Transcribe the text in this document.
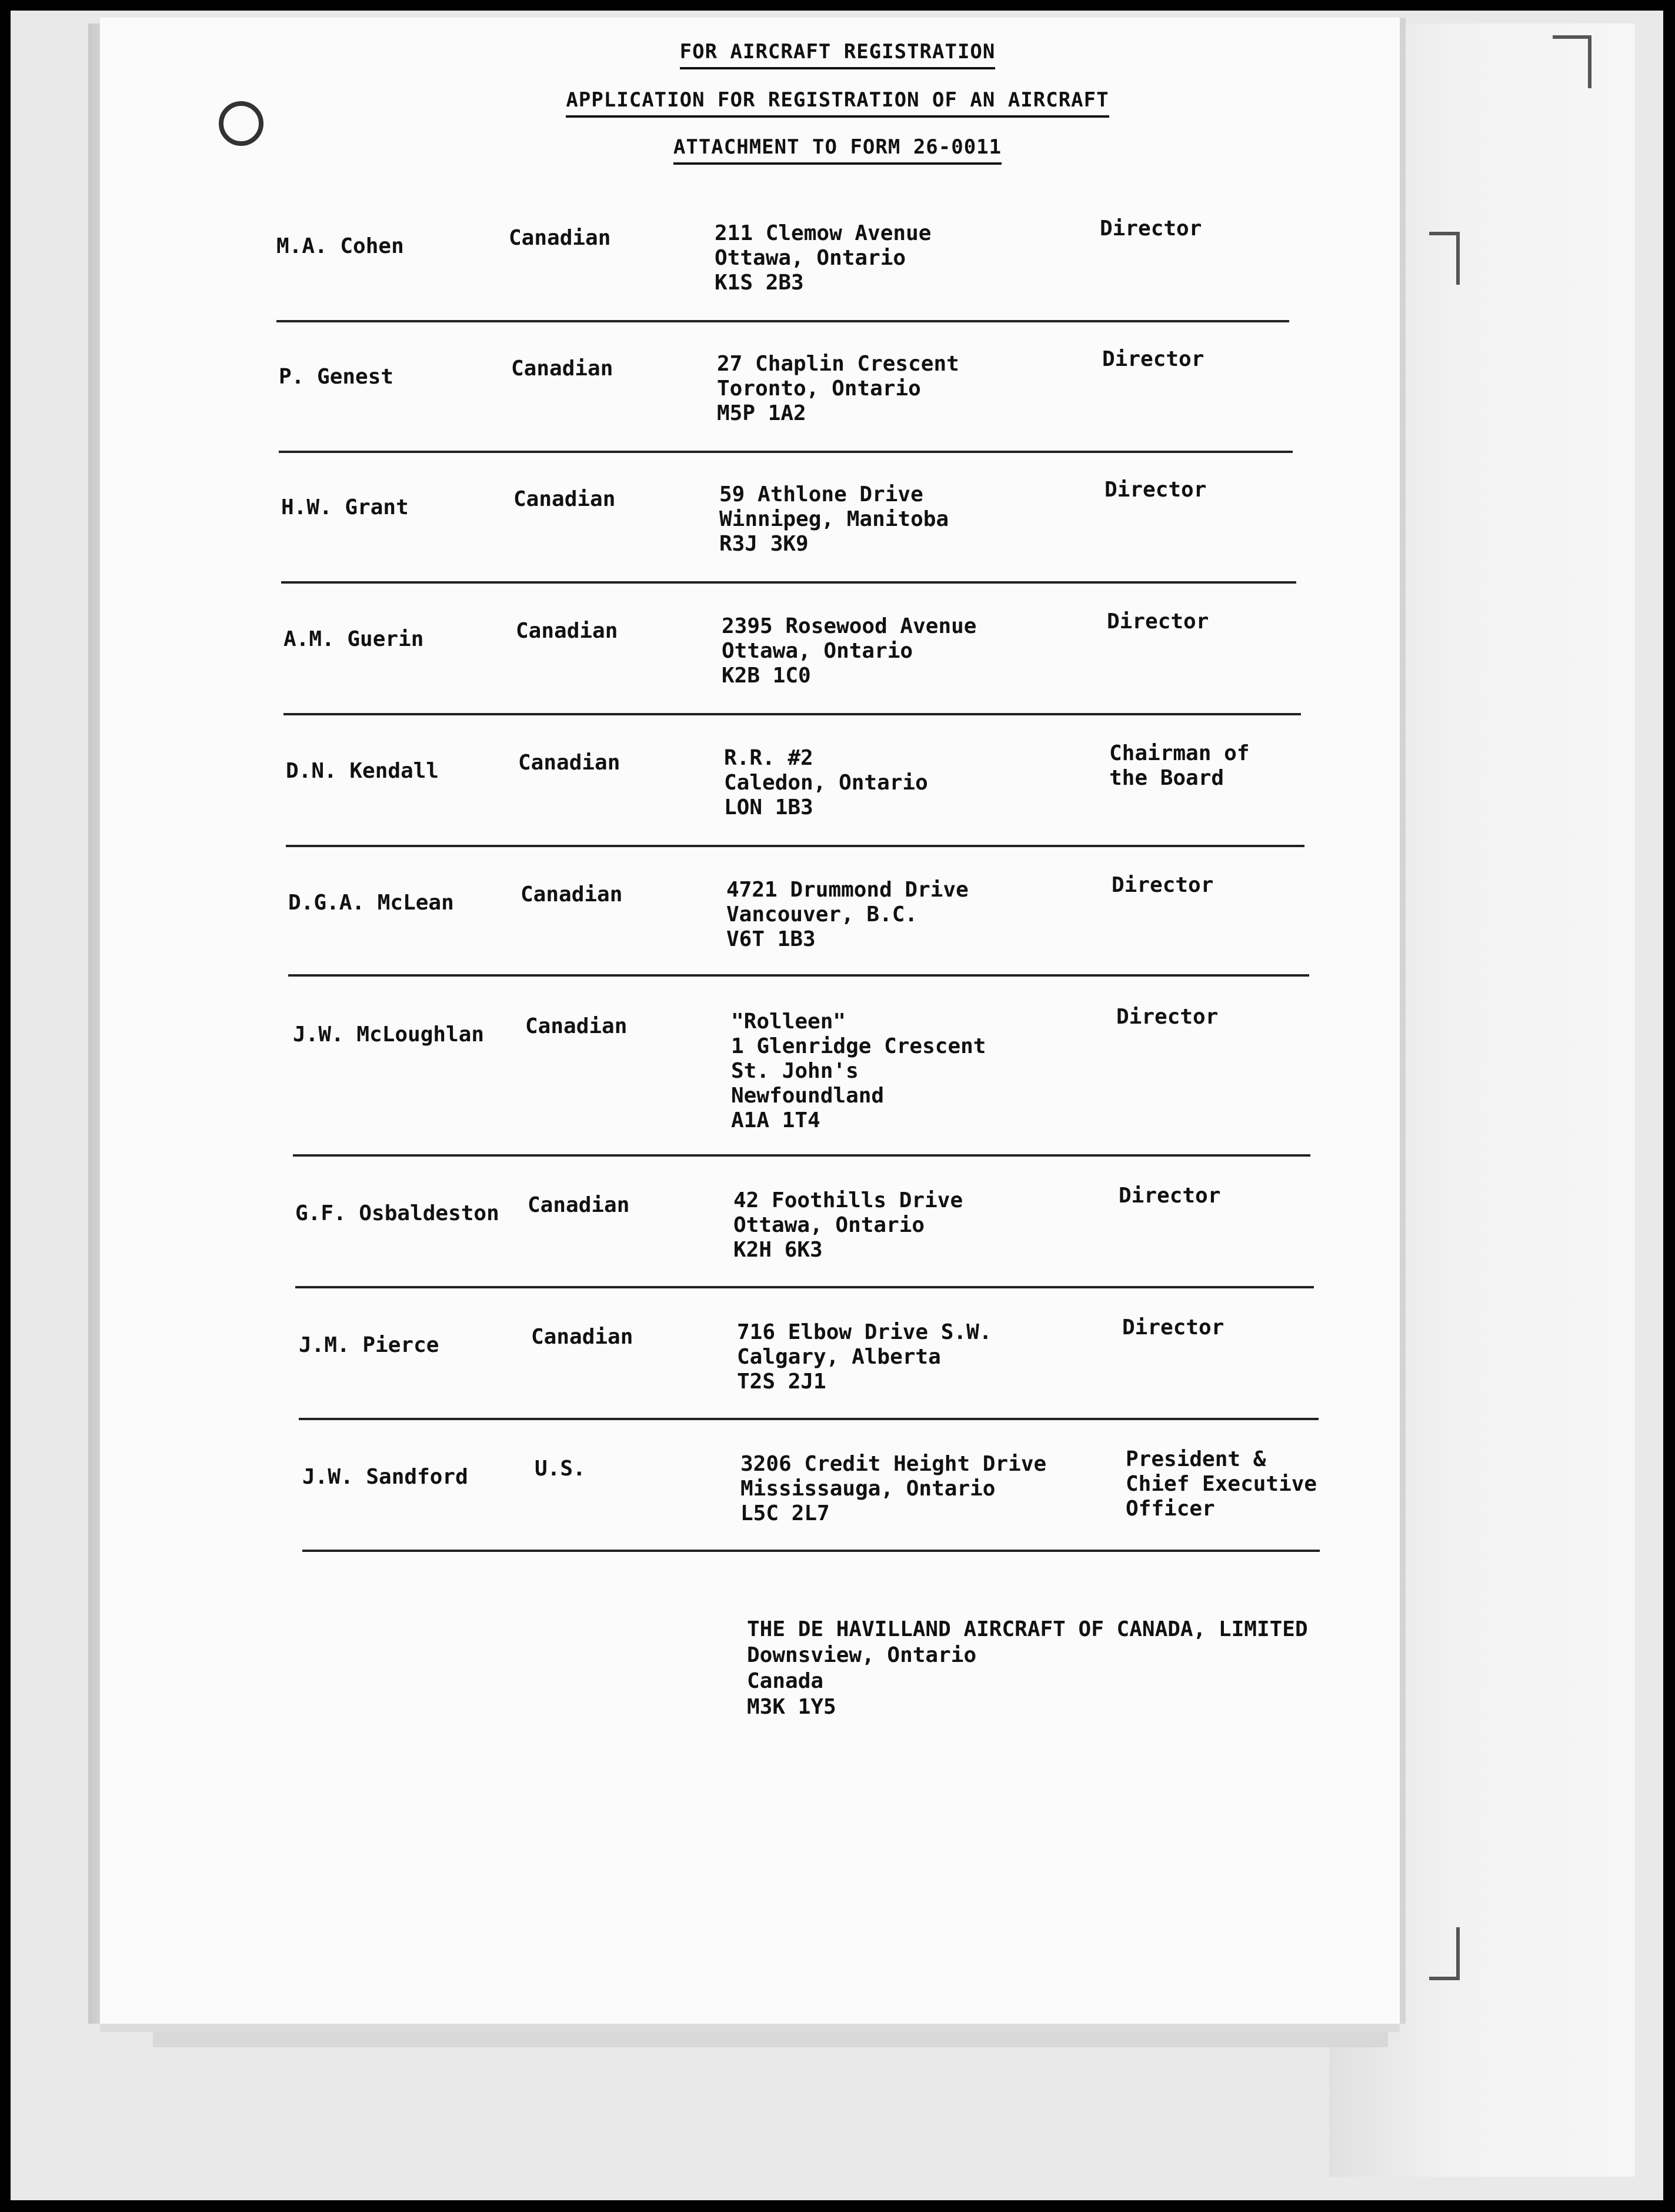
FOR AIRCRAFT REGISTRATION
APPLICATION FOR REGISTRATION OF AN AIRCRAFT
ATTACHMENT TO FORM 26-0011
M.A. Cohen	Canadian	211 Clemow Avenue
Ottawa, Ontario
K1S 2B3
Director
P. Genest	Canadian	27 Chaplin Crescent
Toronto, Ontario
M5P 1A2
Director
H.W. Grant	Canadian	59 Athlone Drive
Winnipeg, Manitoba
R3J 3K9
Director
A.M. Guerin	Canadian	2395 Rosewood Avenue
Ottawa, Ontario
K2B 1C0
Director
D.N. Kendall	Canadian	R.R. #2
Caledon, Ontario
LON 1B3
Chairman of
the Board
D.G.A. McLean	Canadian	4721 Drummond Drive
Vancouver, B.C.
V6T 1B3
Director
J.W. McLoughlan Canadian	"Rolleen"
1 Glenridge Crescent
St. John's
Newfoundland
A1A 1T4
Director
G.F. Osbaldeston Canadian	42 Foothills Drive
Ottawa, Ontario
K2H 6K3
Director
J.M. Pierce	Canadian	716 Elbow Drive S.W.
Calgary, Alberta
T2S 2J1
Director
J.W. Sandford	U.S.	3206 Credit Height Drive
Mississauga, Ontario
L5C 2L7
President &
Chief Executive
Officer
THE DE HAVILLAND AIRCRAFT OF CANADA, LIMITED
Downsview, Ontario
Canada
M3K 1Y5
